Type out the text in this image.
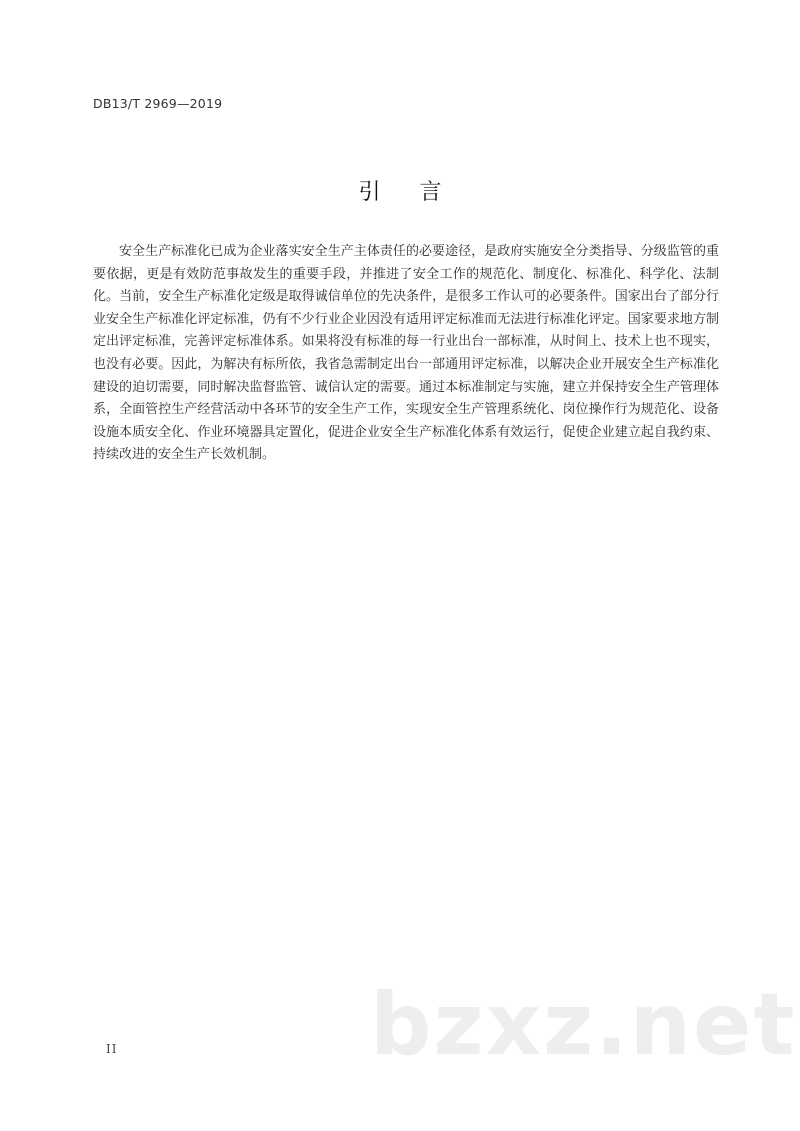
DB13/T 2969—2019
引 言

安全生产标准化已成为企业落实安全生产主体责任的必要途径，是政府实施安全分类指导、分级监管的重要依据，更是有效防范事故发生的重要手段，并推进了安全工作的规范化、制度化、标准化、科学化、法制化。当前，安全生产标准化定级是取得诚信单位的先决条件，是很多工作认可的必要条件。国家出台了部分行业安全生产标准化评定标准，仍有不少行业企业因没有适用评定标准而无法进行标准化评定。国家要求地方制定出评定标准，完善评定标准体系。如果将没有标准的每一行业出台一部标准，从时间上、技术上也不现实，也没有必要。因此，为解决有标所依，我省急需制定出台一部通用评定标准，以解决企业开展安全生产标准化建设的迫切需要，同时解决监督监管、诚信认定的需要。通过本标准制定与实施，建立并保持安全生产管理体系，全面管控生产经营活动中各环节的安全生产工作，实现安全生产管理系统化、岗位操作行为规范化、设备设施本质安全化、作业环境器具定置化，促进企业安全生产标准化体系有效运行，促使企业建立起自我约束、持续改进的安全生产长效机制。

bzxz.net
II
